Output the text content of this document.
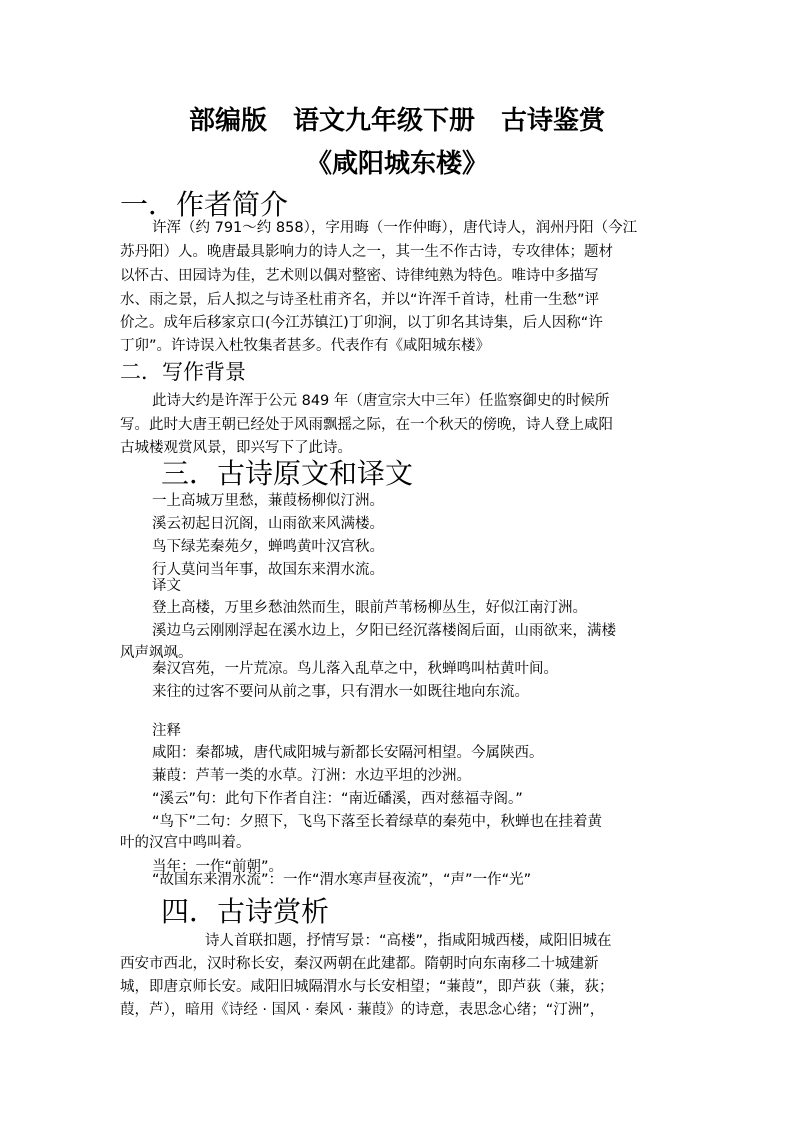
部编版　语文九年级下册　古诗鉴赏
《咸阳城东楼》
一．作者简介
许浑（约 791～约 858），字用晦（一作仲晦），唐代诗人，润州丹阳（今江
苏丹阳）人。晚唐最具影响力的诗人之一，其一生不作古诗，专攻律体；题材
以怀古、田园诗为佳，艺术则以偶对整密、诗律纯熟为特色。唯诗中多描写
水、雨之景，后人拟之与诗圣杜甫齐名，并以“许浑千首诗，杜甫一生愁”评
价之。成年后移家京口(今江苏镇江)丁卯涧，以丁卯名其诗集，后人因称“许
丁卯”。许诗误入杜牧集者甚多。代表作有《咸阳城东楼》
二．写作背景
此诗大约是许浑于公元 849 年（唐宣宗大中三年）任监察御史的时候所
写。此时大唐王朝已经处于风雨飘摇之际，在一个秋天的傍晚，诗人登上咸阳
古城楼观赏风景，即兴写下了此诗。
三．古诗原文和译文
一上高城万里愁，蒹葭杨柳似汀洲。
溪云初起日沉阁，山雨欲来风满楼。
鸟下绿芜秦苑夕，蝉鸣黄叶汉宫秋。
行人莫问当年事，故国东来渭水流。
译文
登上高楼，万里乡愁油然而生，眼前芦苇杨柳丛生，好似江南汀洲。
溪边乌云刚刚浮起在溪水边上，夕阳已经沉落楼阁后面，山雨欲来，满楼
风声飒飒。
秦汉宫苑，一片荒凉。鸟儿落入乱草之中，秋蝉鸣叫枯黄叶间。
来往的过客不要问从前之事，只有渭水一如既往地向东流。
注释
咸阳：秦都城，唐代咸阳城与新都长安隔河相望。今属陕西。
蒹葭：芦苇一类的水草。汀洲：水边平坦的沙洲。
“溪云”句：此句下作者自注：“南近磻溪，西对慈福寺阁。”
“鸟下”二句：夕照下，飞鸟下落至长着绿草的秦苑中，秋蝉也在挂着黄
叶的汉宫中鸣叫着。
当年：一作“前朝”。
“故国东来渭水流”：一作“渭水寒声昼夜流”，“声”一作“光”
四．古诗赏析
诗人首联扣题，抒情写景：“高楼”，指咸阳城西楼，咸阳旧城在
西安市西北，汉时称长安，秦汉两朝在此建都。隋朝时向东南移二十城建新
城，即唐京师长安。咸阳旧城隔渭水与长安相望；“蒹葭”，即芦荻（蒹，荻；
葭，芦），暗用《诗经 · 国风 · 秦风 · 蒹葭》的诗意，表思念心绪；“汀洲”，
